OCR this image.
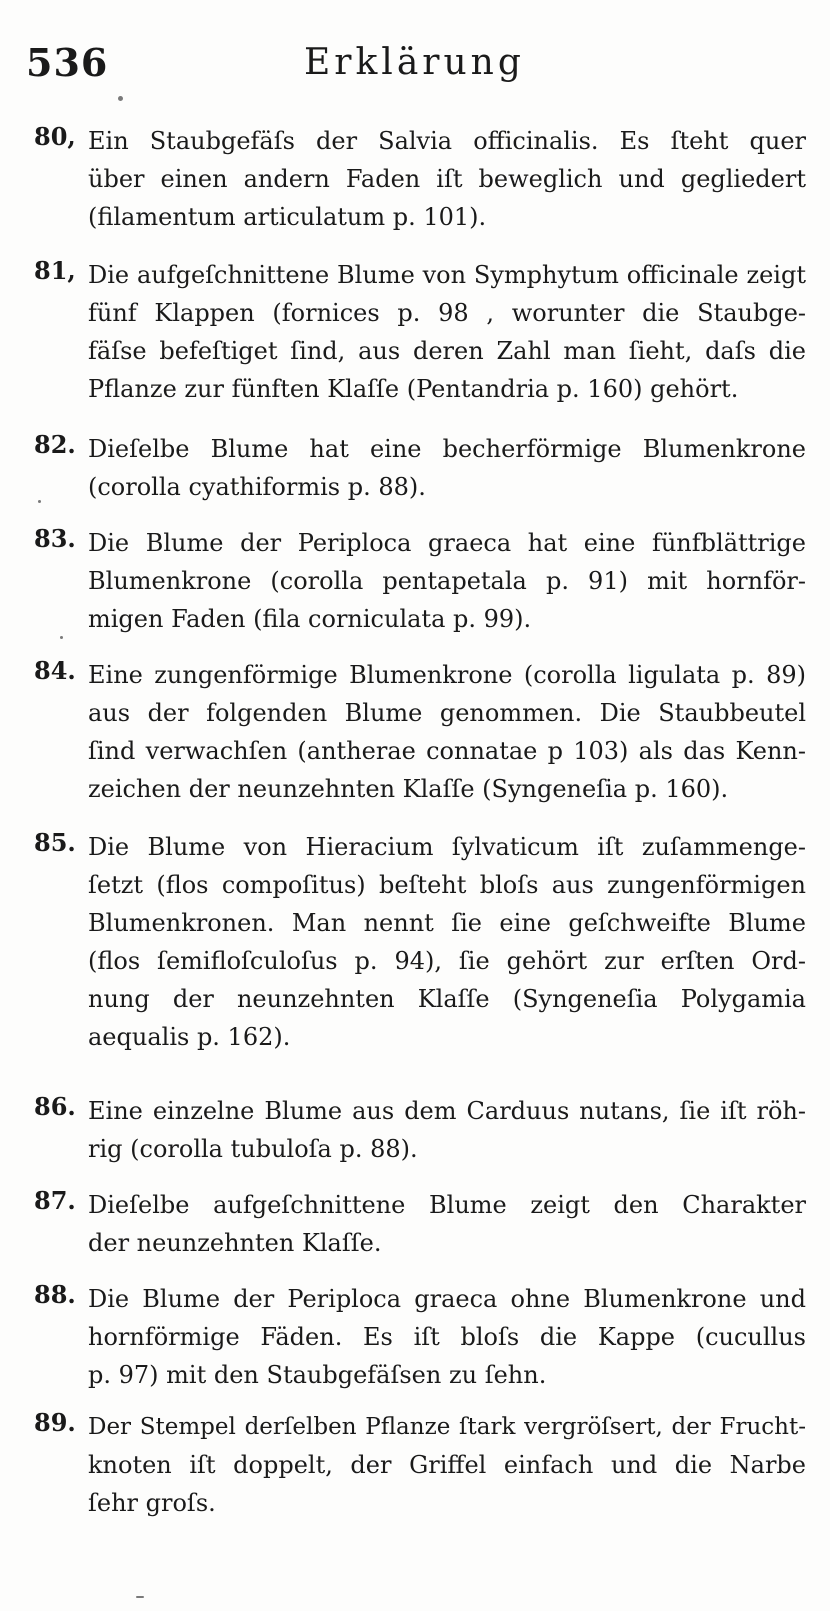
536	Erklärung
80, Ein Staubgefäſs der Salvia officinalis. Es ſteht quer
über einen andern Faden iſt beweglich und gegliedert
(filamentum articulatum p. 101).
81, Die aufgeſchnittene Blume von Symphytum officinale zeigt
fünf Klappen (fornices p. 98 , worunter die Staubge-
fäſse befeſtiget ſind, aus deren Zahl man ſieht, daſs die
Pflanze zur fünften Klaſſe (Pentandria p. 160) gehört.
82. Dieſelbe Blume hat eine becherförmige Blumenkrone
(corolla cyathiformis p. 88).
83. Die Blume der Periploca graeca hat eine fünfblättrige
Blumenkrone (corolla pentapetala p. 91) mit hornför-
migen Faden (fila corniculata p. 99).
84. Eine zungenförmige Blumenkrone (corolla ligulata p. 89)
aus der folgenden Blume genommen. Die Staubbeutel
ſind verwachſen (antherae connatae p 103) als das Kenn-
zeichen der neunzehnten Klaſſe (Syngeneſia p. 160).
85. Die Blume von Hieracium ſylvaticum iſt zuſammenge-
ſetzt (flos compoſitus) beſteht bloſs aus zungenförmigen
Blumenkronen. Man nennt ſie eine geſchweifte Blume
(flos ſemifloſculoſus p. 94), ſie gehört zur erſten Ord-
nung der neunzehnten Klaſſe (Syngeneſia Polygamia
aequalis p. 162).
86. Eine einzelne Blume aus dem Carduus nutans, ſie iſt röh-
rig (corolla tubuloſa p. 88).
87. Dieſelbe aufgeſchnittene Blume zeigt den Charakter
der neunzehnten Klaſſe.
88. Die Blume der Periploca graeca ohne Blumenkrone und
hornförmige Fäden. Es iſt bloſs die Kappe (cucullus
p. 97) mit den Staubgefäſsen zu ſehn.
89. Der Stempel derſelben Pflanze ſtark vergröſsert, der Frucht-
knoten iſt doppelt, der Griffel einfach und die Narbe
ſehr groſs.
